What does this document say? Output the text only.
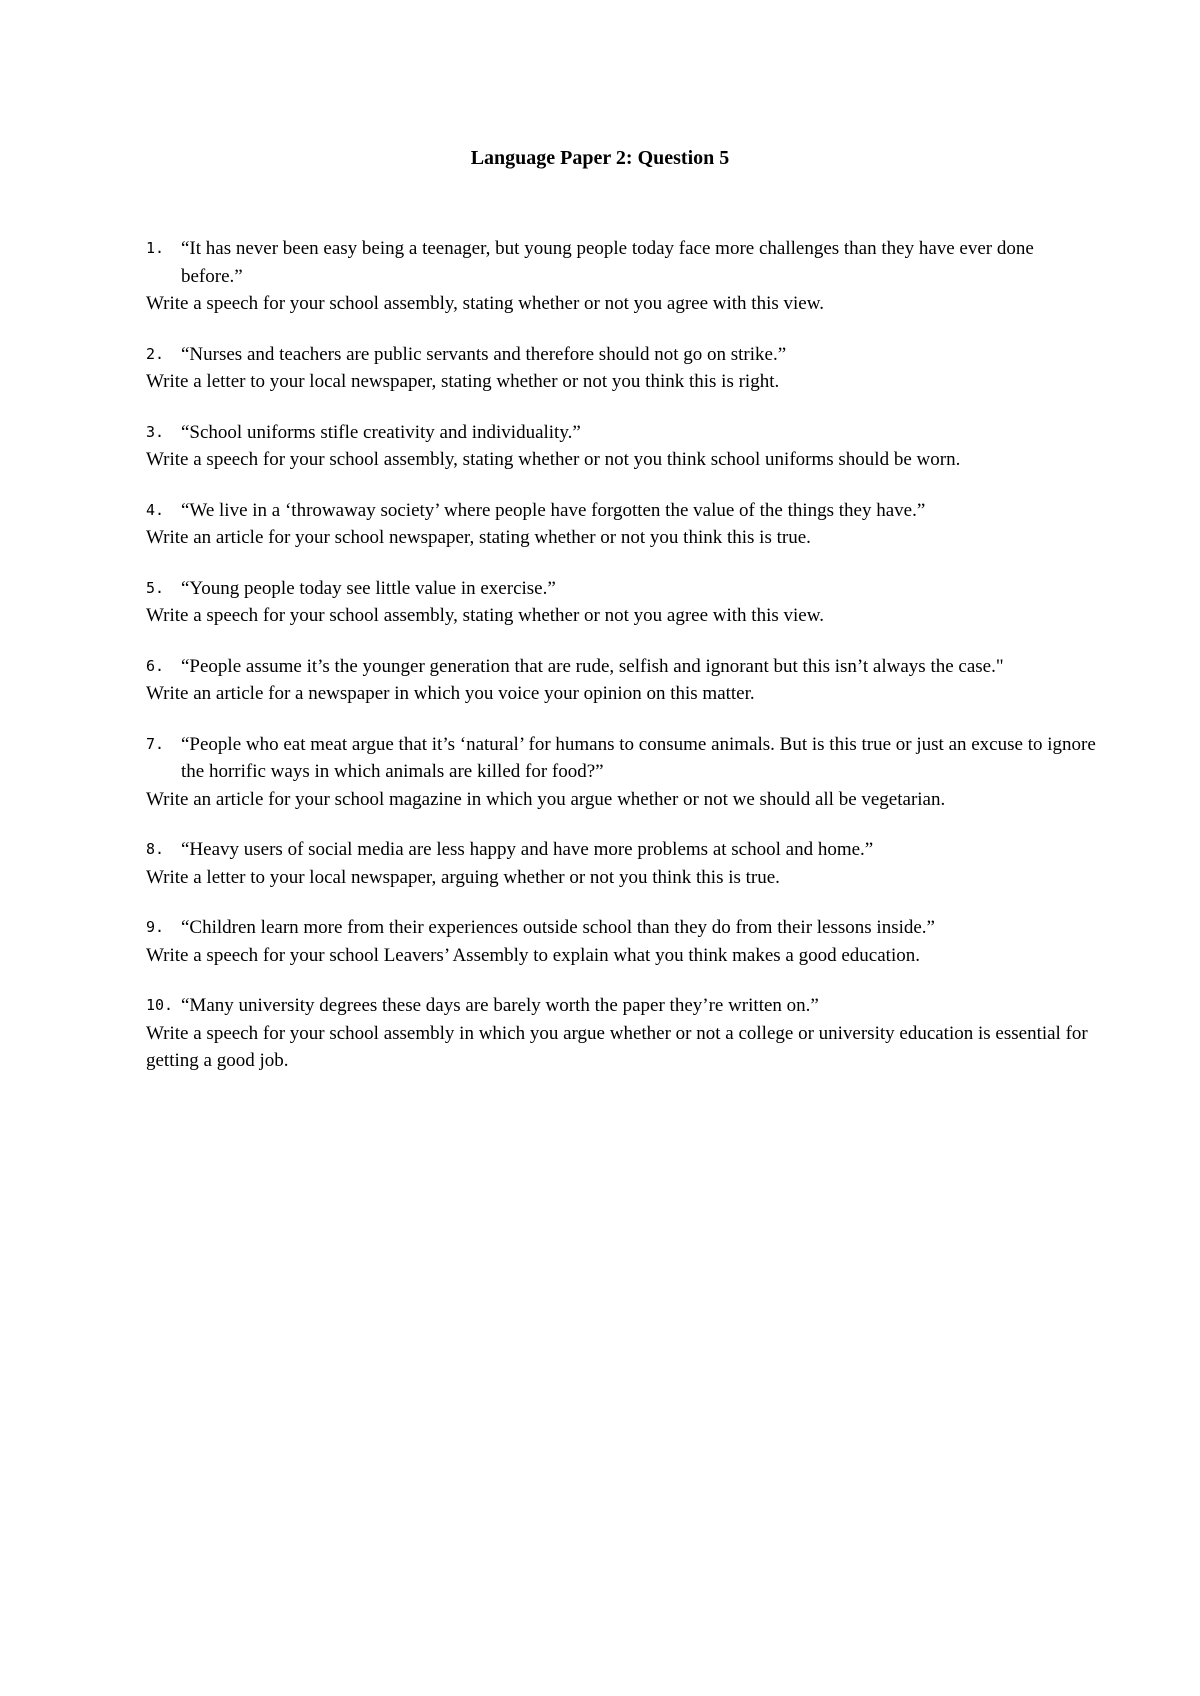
Language Paper 2: Question 5
1. “It has never been easy being a teenager, but young people today face more challenges than they have ever done before.”
Write a speech for your school assembly, stating whether or not you agree with this view.
2. “Nurses and teachers are public servants and therefore should not go on strike.”
Write a letter to your local newspaper, stating whether or not you think this is right.
3. “School uniforms stifle creativity and individuality.”
Write a speech for your school assembly, stating whether or not you think school uniforms should be worn.
4. “We live in a ‘throwaway society’ where people have forgotten the value of the things they have.”
Write an article for your school newspaper, stating whether or not you think this is true.
5. “Young people today see little value in exercise.”
Write a speech for your school assembly, stating whether or not you agree with this view.
6. “People assume it’s the younger generation that are rude, selfish and ignorant but this isn’t always the case."
Write an article for a newspaper in which you voice your opinion on this matter.
7. “People who eat meat argue that it’s ‘natural’ for humans to consume animals. But is this true or just an excuse to ignore the horrific ways in which animals are killed for food?”
Write an article for your school magazine in which you argue whether or not we should all be vegetarian.
8. “Heavy users of social media are less happy and have more problems at school and home.”
Write a letter to your local newspaper, arguing whether or not you think this is true.
9. “Children learn more from their experiences outside school than they do from their lessons inside.”
Write a speech for your school Leavers’ Assembly to explain what you think makes a good education.
10. “Many university degrees these days are barely worth the paper they’re written on.”
Write a speech for your school assembly in which you argue whether or not a college or university education is essential for getting a good job.
